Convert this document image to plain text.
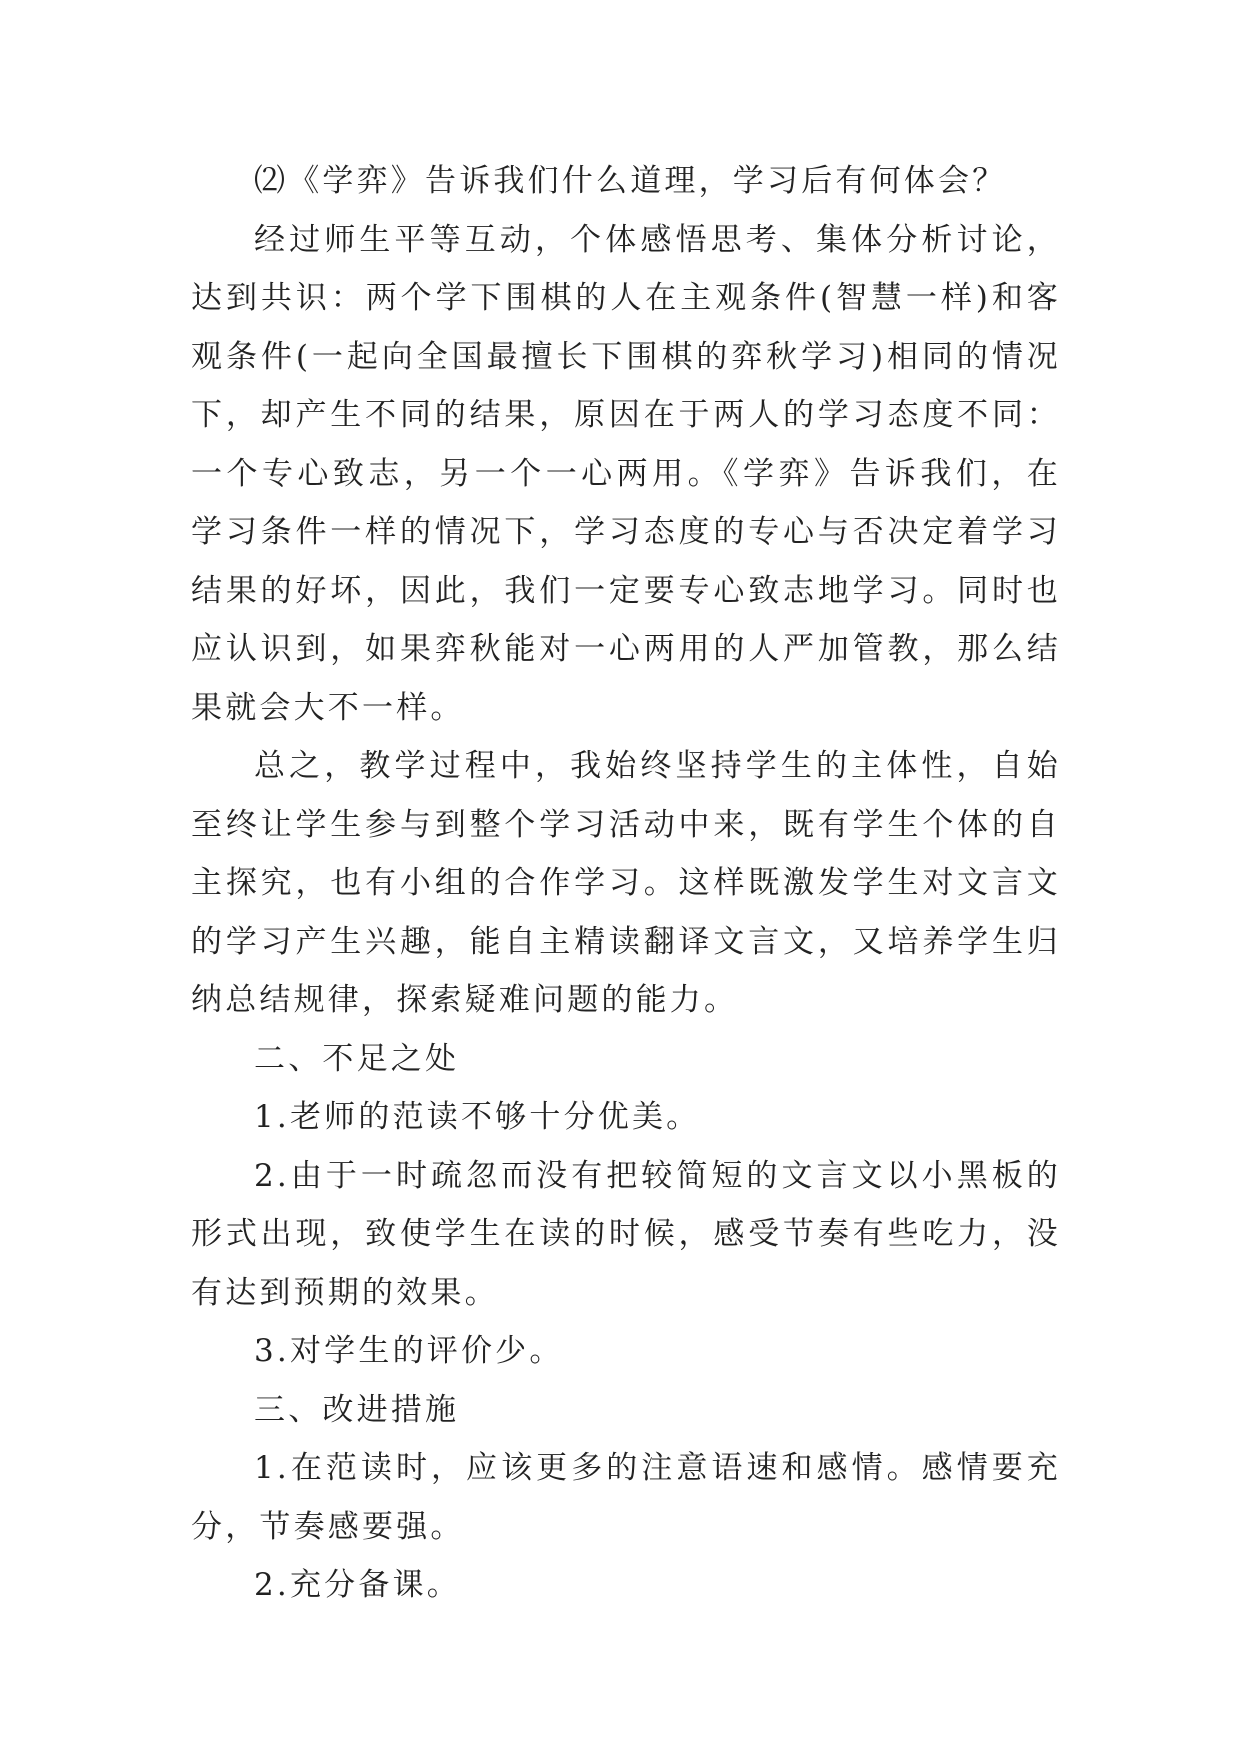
⑵《学弈》告诉我们什么道理，学习后有何体会？

经过师生平等互动，个体感悟思考、集体分析讨论，达到共识：两个学下围棋的人在主观条件(智慧一样)和客观条件(一起向全国最擅长下围棋的弈秋学习)相同的情况下，却产生不同的结果，原因在于两人的学习态度不同：一个专心致志，另一个一心两用。《学弈》告诉我们，在学习条件一样的情况下，学习态度的专心与否决定着学习结果的好坏，因此，我们一定要专心致志地学习。同时也应认识到，如果弈秋能对一心两用的人严加管教，那么结果就会大不一样。

总之，教学过程中，我始终坚持学生的主体性，自始至终让学生参与到整个学习活动中来，既有学生个体的自主探究，也有小组的合作学习。这样既激发学生对文言文的学习产生兴趣，能自主精读翻译文言文，又培养学生归纳总结规律，探索疑难问题的能力。

二、不足之处

1.老师的范读不够十分优美。

2.由于一时疏忽而没有把较简短的文言文以小黑板的形式出现，致使学生在读的时候，感受节奏有些吃力，没有达到预期的效果。

3.对学生的评价少。

三、改进措施

1.在范读时，应该更多的注意语速和感情。感情要充分，节奏感要强。

2.充分备课。
